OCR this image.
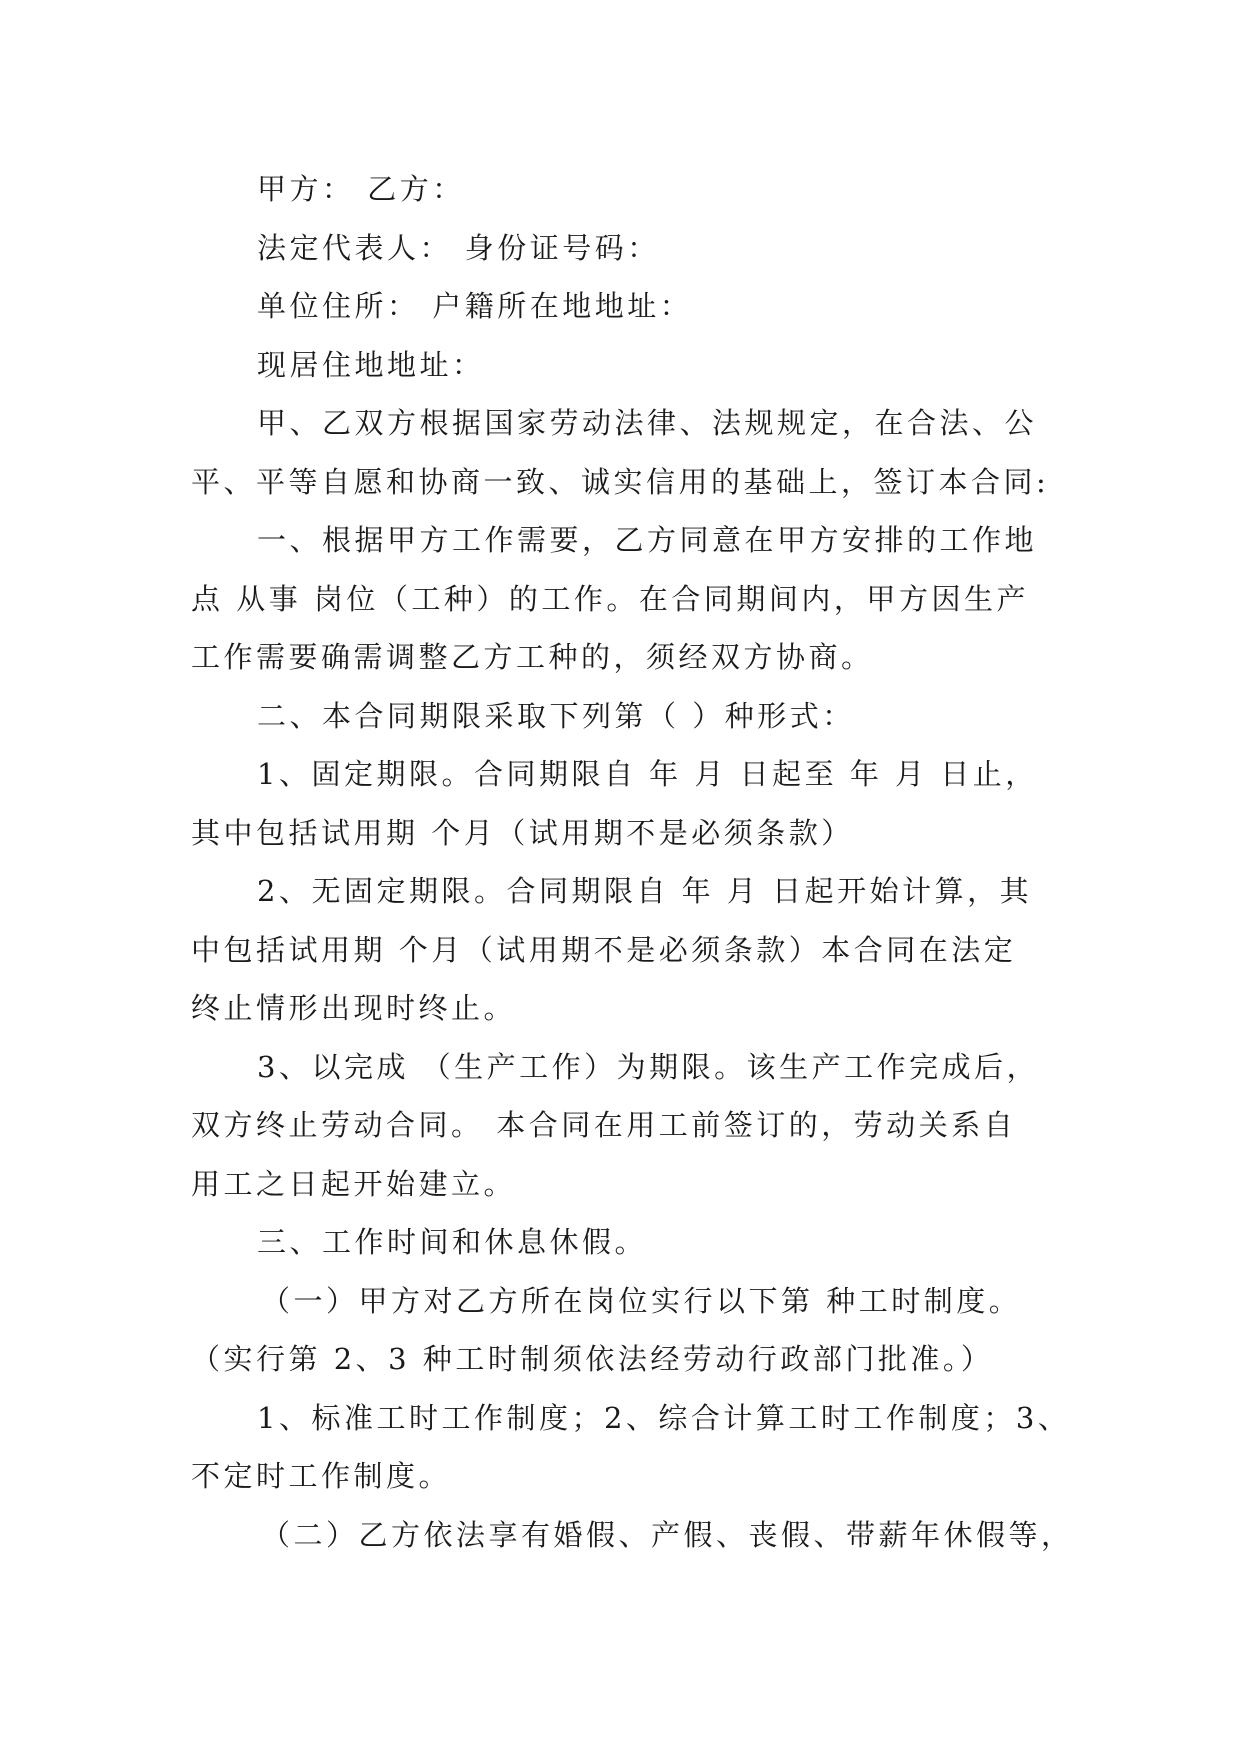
甲方： 乙方：
法定代表人： 身份证号码：
单位住所： 户籍所在地地址：
现居住地地址：
甲、乙双方根据国家劳动法律、法规规定，在合法、公
平、平等自愿和协商一致、诚实信用的基础上，签订本合同:
一、根据甲方工作需要，乙方同意在甲方安排的工作地
点 从事 岗位（工种）的工作。在合同期间内，甲方因生产
工作需要确需调整乙方工种的，须经双方协商。
二、本合同期限采取下列第（ ）种形式：
1、固定期限。合同期限自 年 月 日起至 年 月 日止，
其中包括试用期 个月（试用期不是必须条款）
2、无固定期限。合同期限自 年 月 日起开始计算，其
中包括试用期 个月（试用期不是必须条款）本合同在法定
终止情形出现时终止。
3、以完成 （生产工作）为期限。该生产工作完成后，
双方终止劳动合同。 本合同在用工前签订的，劳动关系自
用工之日起开始建立。
三、工作时间和休息休假。
（一）甲方对乙方所在岗位实行以下第 种工时制度。
（实行第 2、3 种工时制须依法经劳动行政部门批准。）
1、标准工时工作制度；2、综合计算工时工作制度；3、
不定时工作制度。
（二）乙方依法享有婚假、产假、丧假、带薪年休假等，
